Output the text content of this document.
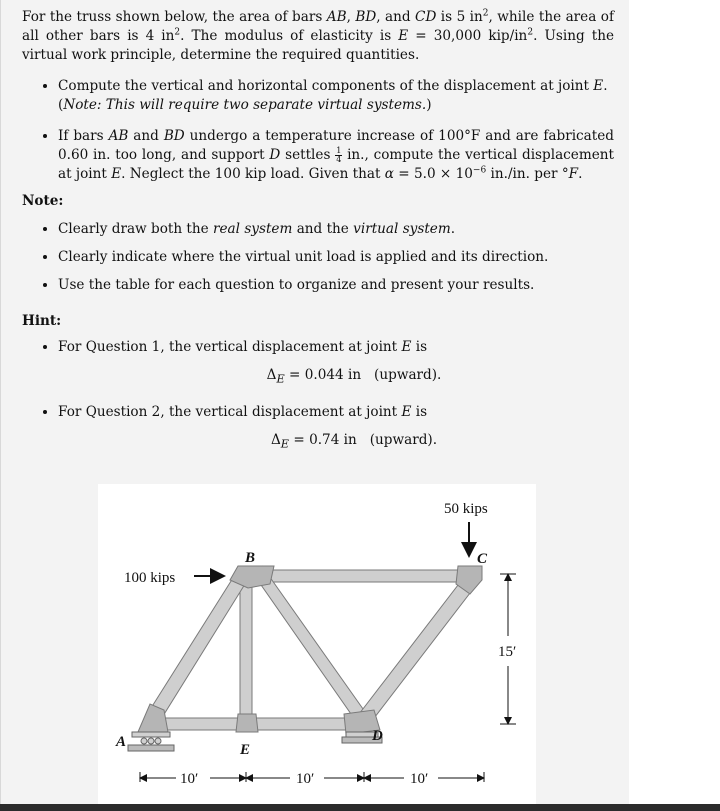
For the truss shown below, the area of bars AB, BD, and CD is 5 $in^2$, while the area of all other bars is 4 $in^2$. The modulus of elasticity is E = 30,000 kip/$in^2$. Using the virtual work principle, determine the required quantities.

• Compute the vertical and horizontal components of the displacement at joint E. (Note: This will require two separate virtual systems.)
• If bars AB and BD undergo a temperature increase of 100°F and are fabricated 0.60 in. too long, and support D settles $\frac{1}{4}$ in., compute the vertical displacement at joint E. Neglect the 100 kip load. Given that $\alpha = 5.0 \times 10^{-6}$ in./in. per °F.

Note:

• Clearly draw both the real system and the virtual system.
• Clearly indicate where the virtual unit load is applied and its direction.
• Use the table for each question to organize and present your results.

Hint:

• For Question 1, the vertical displacement at joint E is
$\Delta_E = 0.044$ in   (upward).
• For Question 2, the vertical displacement at joint E is
$\Delta_E = 0.74$ in   (upward).
50 kips
100 kips
A
B	C
D
E
15′
10′	10′	10′
